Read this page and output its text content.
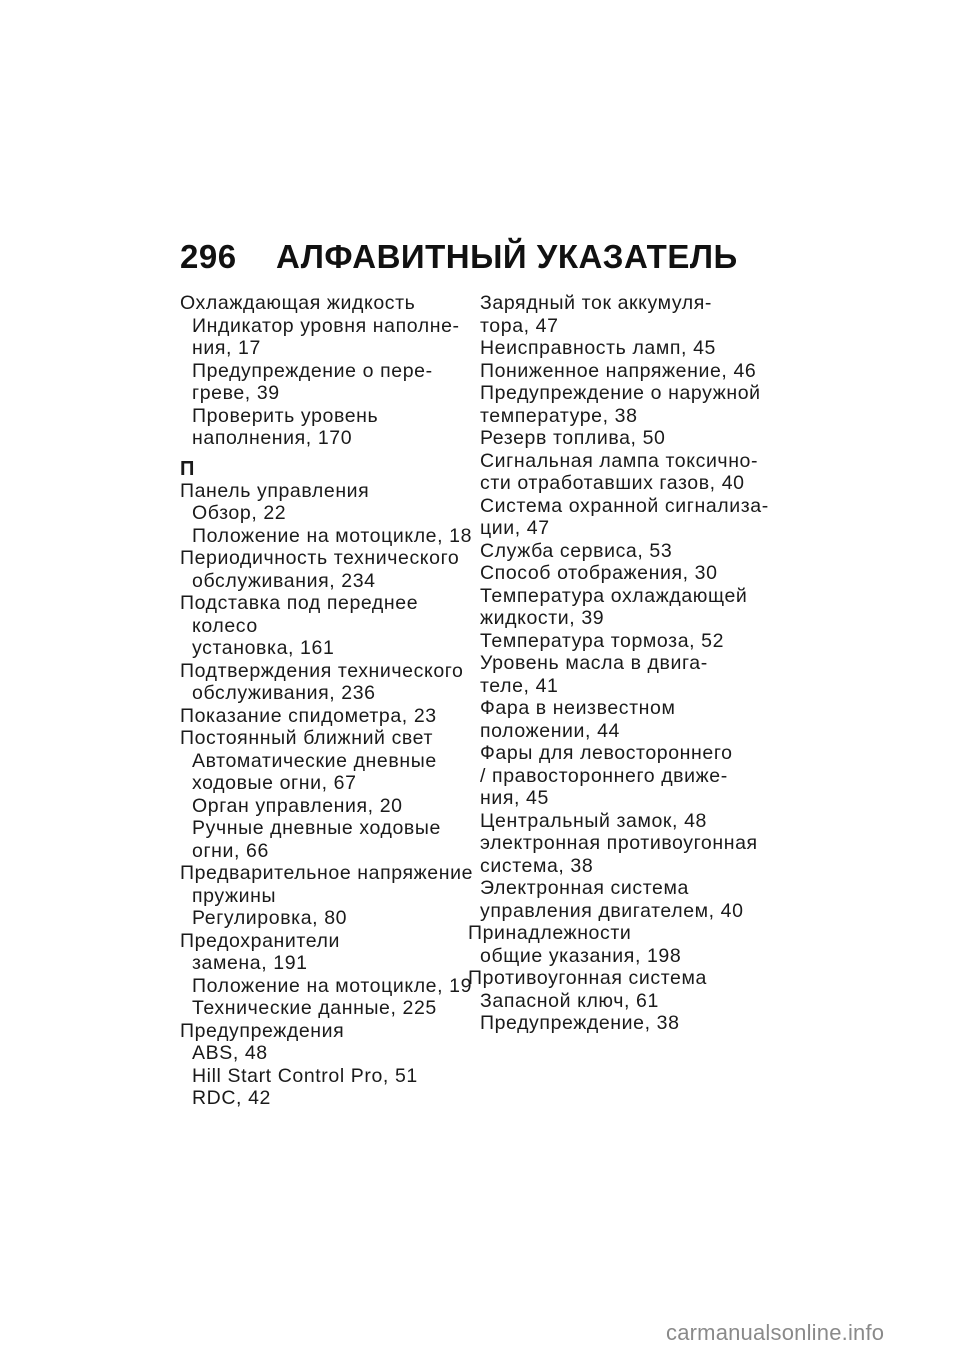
296	АЛФАВИТНЫЙ УКАЗАТЕЛЬ
Охлаждающая жидкость
Индикатор уровня наполне‐
ния, 17
Предупреждение о пере‐
греве, 39
Проверить уровень
наполнения, 170
П
Панель управления
Обзор, 22
Положение на мотоцикле, 18
Периодичность технического
обслуживания, 234
Подставка под переднее
колесо
установка, 161
Подтверждения технического
обслуживания, 236
Показание спидометра, 23
Постоянный ближний свет
Автоматические дневные
ходовые огни, 67
Орган управления, 20
Ручные дневные ходовые
огни, 66
Предварительное напряжение
пружины
Регулировка, 80
Предохранители
замена, 191
Положение на мотоцикле, 19
Технические данные, 225
Предупреждения
ABS, 48
Hill Start Control Pro, 51
RDC, 42
Зарядный ток аккумуля‐
тора, 47
Неисправность ламп, 45
Пониженное напряжение, 46
Предупреждение о наружной
температуре, 38
Резерв топлива, 50
Сигнальная лампа токсично‐
сти отработавших газов, 40
Система охранной сигнализа‐
ции, 47
Служба сервиса, 53
Способ отображения, 30
Температура охлаждающей
жидкости, 39
Температура тормоза, 52
Уровень масла в двига‐
теле, 41
Фара в неизвестном
положении, 44
Фары для левостороннего
/ правостороннего движе‐
ния, 45
Центральный замок, 48
электронная противоугонная
система, 38
Электронная система
управления двигателем, 40
Принадлежности
общие указания, 198
Противоугонная система
Запасной ключ, 61
Предупреждение, 38
carmanualsonline.info
